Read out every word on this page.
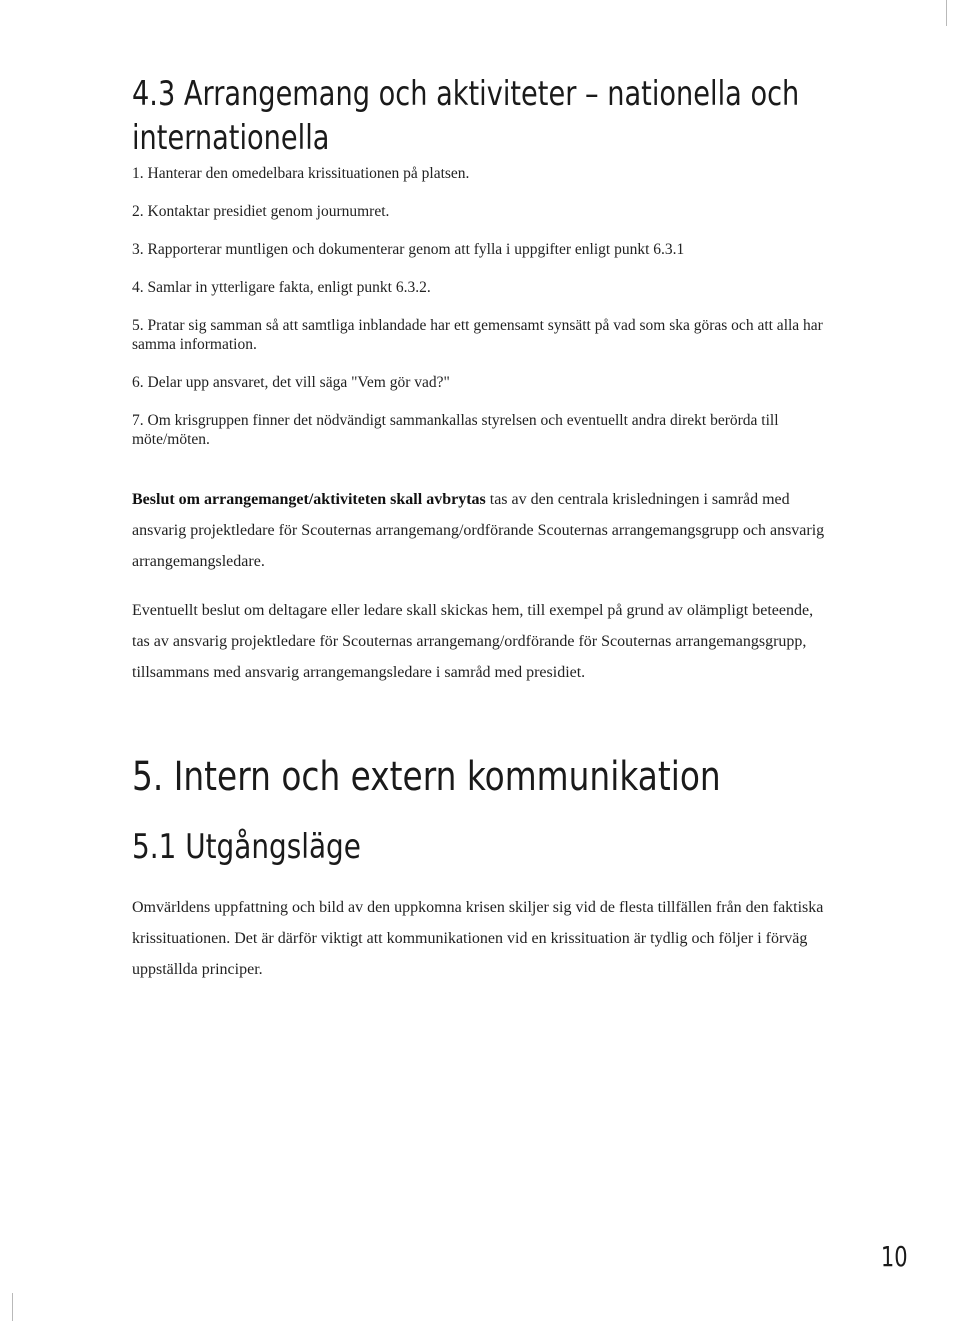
4.3 Arrangemang och aktiviteter – nationella och
internationella
1. Hanterar den omedelbara krissituationen på platsen.
2. Kontaktar presidiet genom journumret.
3. Rapporterar muntligen och dokumenterar genom att fylla i uppgifter enligt punkt 6.3.1
4. Samlar in ytterligare fakta, enligt punkt 6.3.2.
5. Pratar sig samman så att samtliga inblandade har ett gemensamt synsätt på vad som ska göras och att alla har samma information.
6. Delar upp ansvaret, det vill säga "Vem gör vad?"
7. Om krisgruppen finner det nödvändigt sammankallas styrelsen och eventuellt andra direkt berörda till möte/möten.

Beslut om arrangemanget/aktiviteten skall avbrytas tas av den centrala krisledningen i samråd med ansvarig projektledare för Scouternas arrangemang/ordförande Scouternas arrangemangsgrupp och ansvarig arrangemangsledare.

Eventuellt beslut om deltagare eller ledare skall skickas hem, till exempel på grund av olämpligt beteende, tas av ansvarig projektledare för Scouternas arrangemang/ordförande för Scouternas arrangemangsgrupp, tillsammans med ansvarig arrangemangsledare i samråd med presidiet.

5. Intern och extern kommunikation
5.1 Utgångsläge

Omvärldens uppfattning och bild av den uppkomna krisen skiljer sig vid de flesta tillfällen från den faktiska krissituationen. Det är därför viktigt att kommunikationen vid en krissituation är tydlig och följer i förväg uppställda principer.

10
